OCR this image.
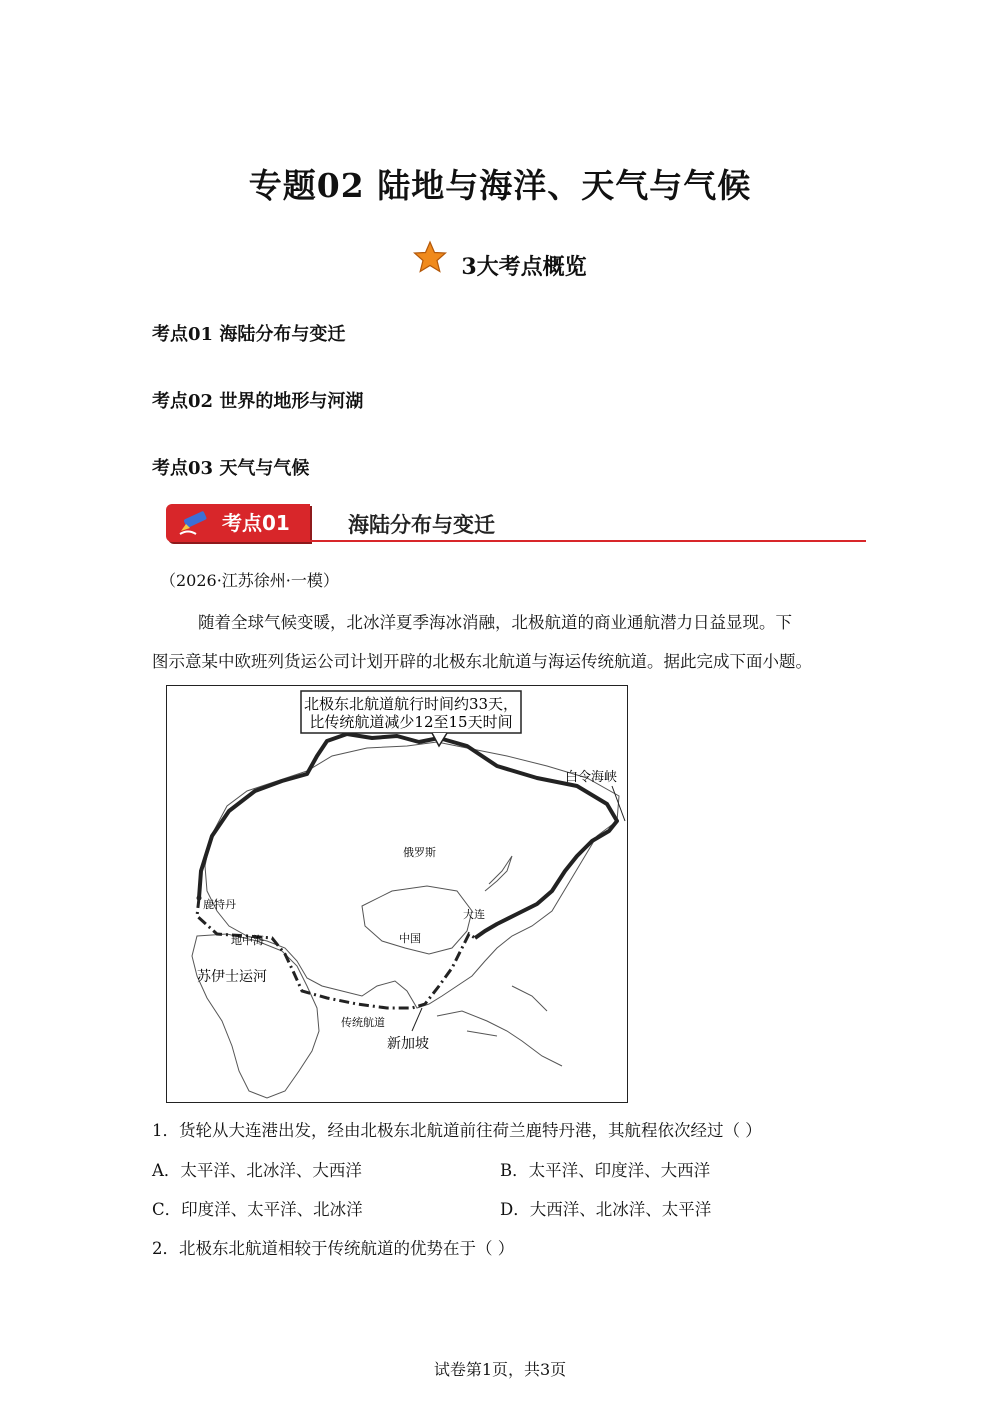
专题02 陆地与海洋、天气与气候
3大考点概览
考点01 海陆分布与变迁
考点02 世界的地形与河湖
考点03 天气与气候
考点01	海陆分布与变迁
（2026·江苏徐州·一模）
随着全球气候变暖，北冰洋夏季海冰消融，北极航道的商业通航潜力日益显现。下
图示意某中欧班列货运公司计划开辟的北极东北航道与海运传统航道。据此完成下面小题。
北极东北航道航行时间约33天，
比传统航道减少12至15天时间
白令海峡
俄罗斯
鹿特丹
大连
中国
地中海
苏伊士运河
传统航道
新加坡
1．货轮从大连港出发，经由北极东北航道前往荷兰鹿特丹港，其航程依次经过（ ）
A．太平洋、北冰洋、大西洋	B．太平洋、印度洋、大西洋
C．印度洋、太平洋、北冰洋	D．大西洋、北冰洋、太平洋
2．北极东北航道相较于传统航道的优势在于（ ）
试卷第1页，共3页
